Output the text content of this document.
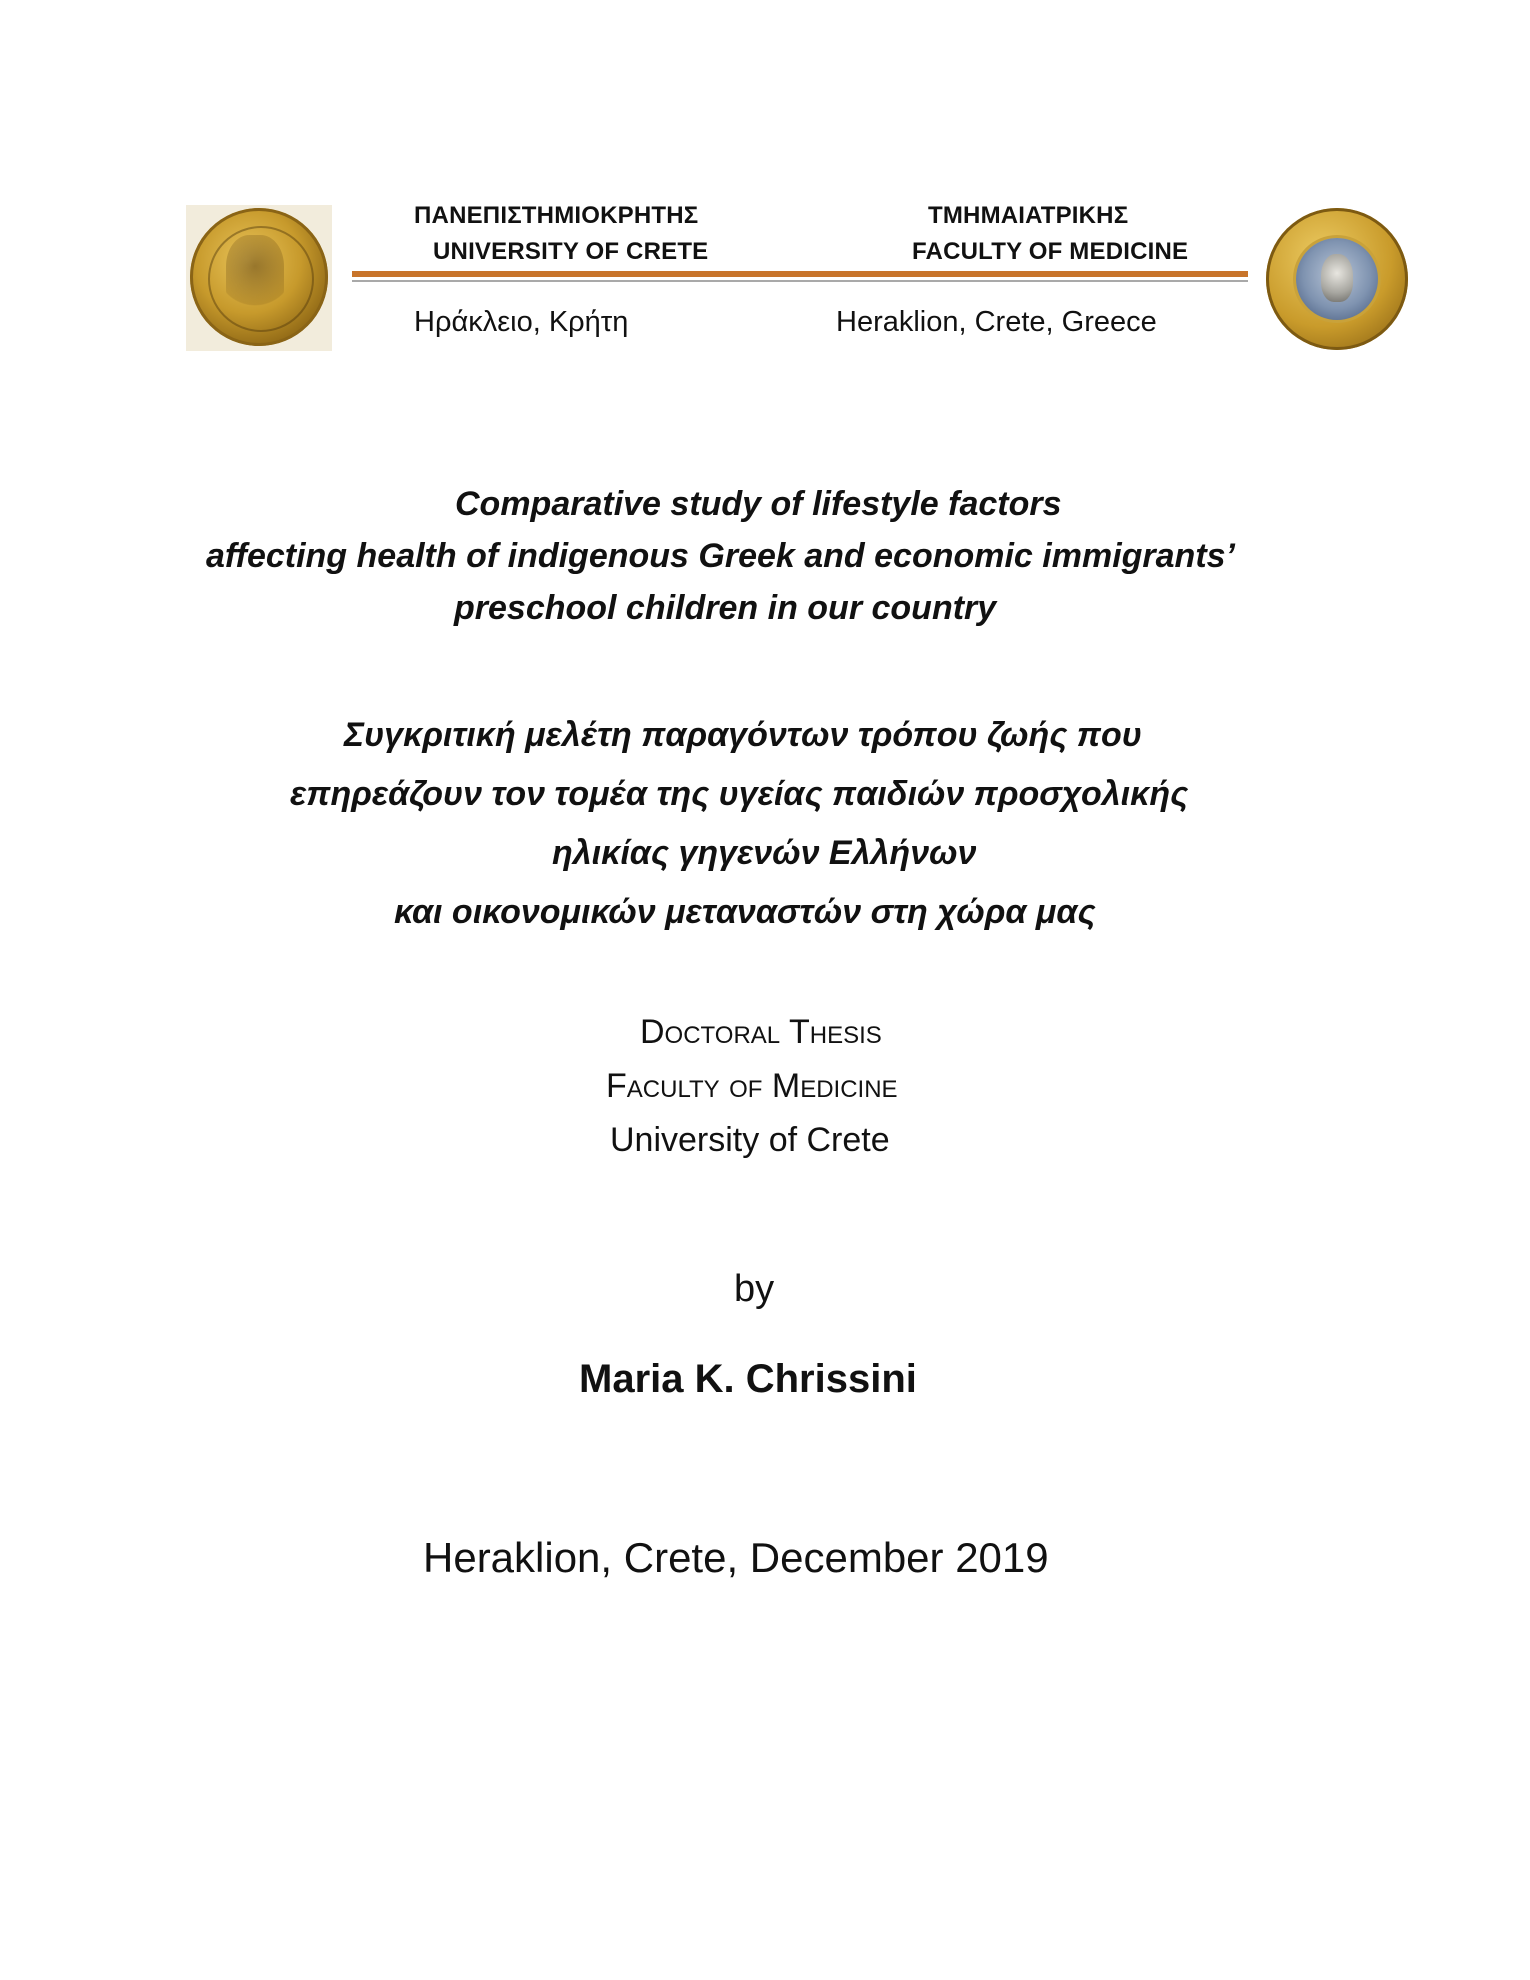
ΠΑΝΕΠΙΣΤΗΜΙΟΚΡΗΤΗΣ
UNIVERSITY OF CRETE
ΤΜΗΜΑΙΑΤΡΙΚΗΣ
FACULTY OF MEDICINE
Ηράκλειο, Κρήτη	Heraklion, Crete, Greece
Comparative study of lifestyle factors
affecting health of indigenous Greek and economic immigrants’
preschool children in our country
Συγκριτική μελέτη παραγόντων τρόπου ζωής που
επηρεάζουν τον τομέα της υγείας παιδιών προσχολικής
ηλικίας γηγενών Ελλήνων
και οικονομικών μεταναστών στη χώρα μας
Doctoral Thesis
Faculty of Medicine
University of Crete
by
Maria K. Chrissini
Heraklion, Crete, December 2019
